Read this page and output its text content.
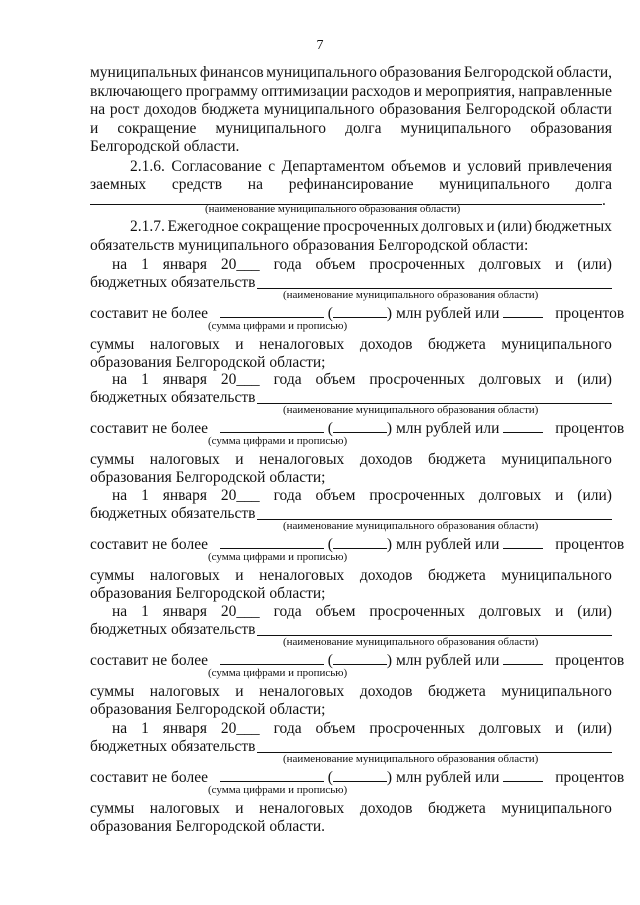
7
муниципальных финансов муниципального образования Белгородской области,
включающего программу оптимизации расходов и мероприятия, направленные
на рост доходов бюджета муниципального образования Белгородской области
и сокращение муниципального долга муниципального образования
Белгородской области.
2.1.6. Согласование с Департаментом объемов и условий привлечения
заемных средств на рефинансирование муниципального долга
.
(наименование муниципального образования области)
2.1.7. Ежегодное сокращение просроченных долговых и (или) бюджетных
обязательств муниципального образования Белгородской области:
на 1 января 20___ года объем просроченных долговых и (или)
бюджетных обязательств
(наименование муниципального образования области)
составит не более	(	) млн рублей или	процентов
(сумма цифрами и прописью)
суммы налоговых и неналоговых доходов бюджета муниципального
образования Белгородской области;
на 1 января 20___ года объем просроченных долговых и (или)
бюджетных обязательств
(наименование муниципального образования области)
составит не более	(	) млн рублей или	процентов
(сумма цифрами и прописью)
суммы налоговых и неналоговых доходов бюджета муниципального
образования Белгородской области;
на 1 января 20___ года объем просроченных долговых и (или)
бюджетных обязательств
(наименование муниципального образования области)
составит не более	(	) млн рублей или	процентов
(сумма цифрами и прописью)
суммы налоговых и неналоговых доходов бюджета муниципального
образования Белгородской области;
на 1 января 20___ года объем просроченных долговых и (или)
бюджетных обязательств
(наименование муниципального образования области)
составит не более	(	) млн рублей или	процентов
(сумма цифрами и прописью)
суммы налоговых и неналоговых доходов бюджета муниципального
образования Белгородской области;
на 1 января 20___ года объем просроченных долговых и (или)
бюджетных обязательств
(наименование муниципального образования области)
составит не более	(	) млн рублей или	процентов
(сумма цифрами и прописью)
суммы налоговых и неналоговых доходов бюджета муниципального
образования Белгородской области.
